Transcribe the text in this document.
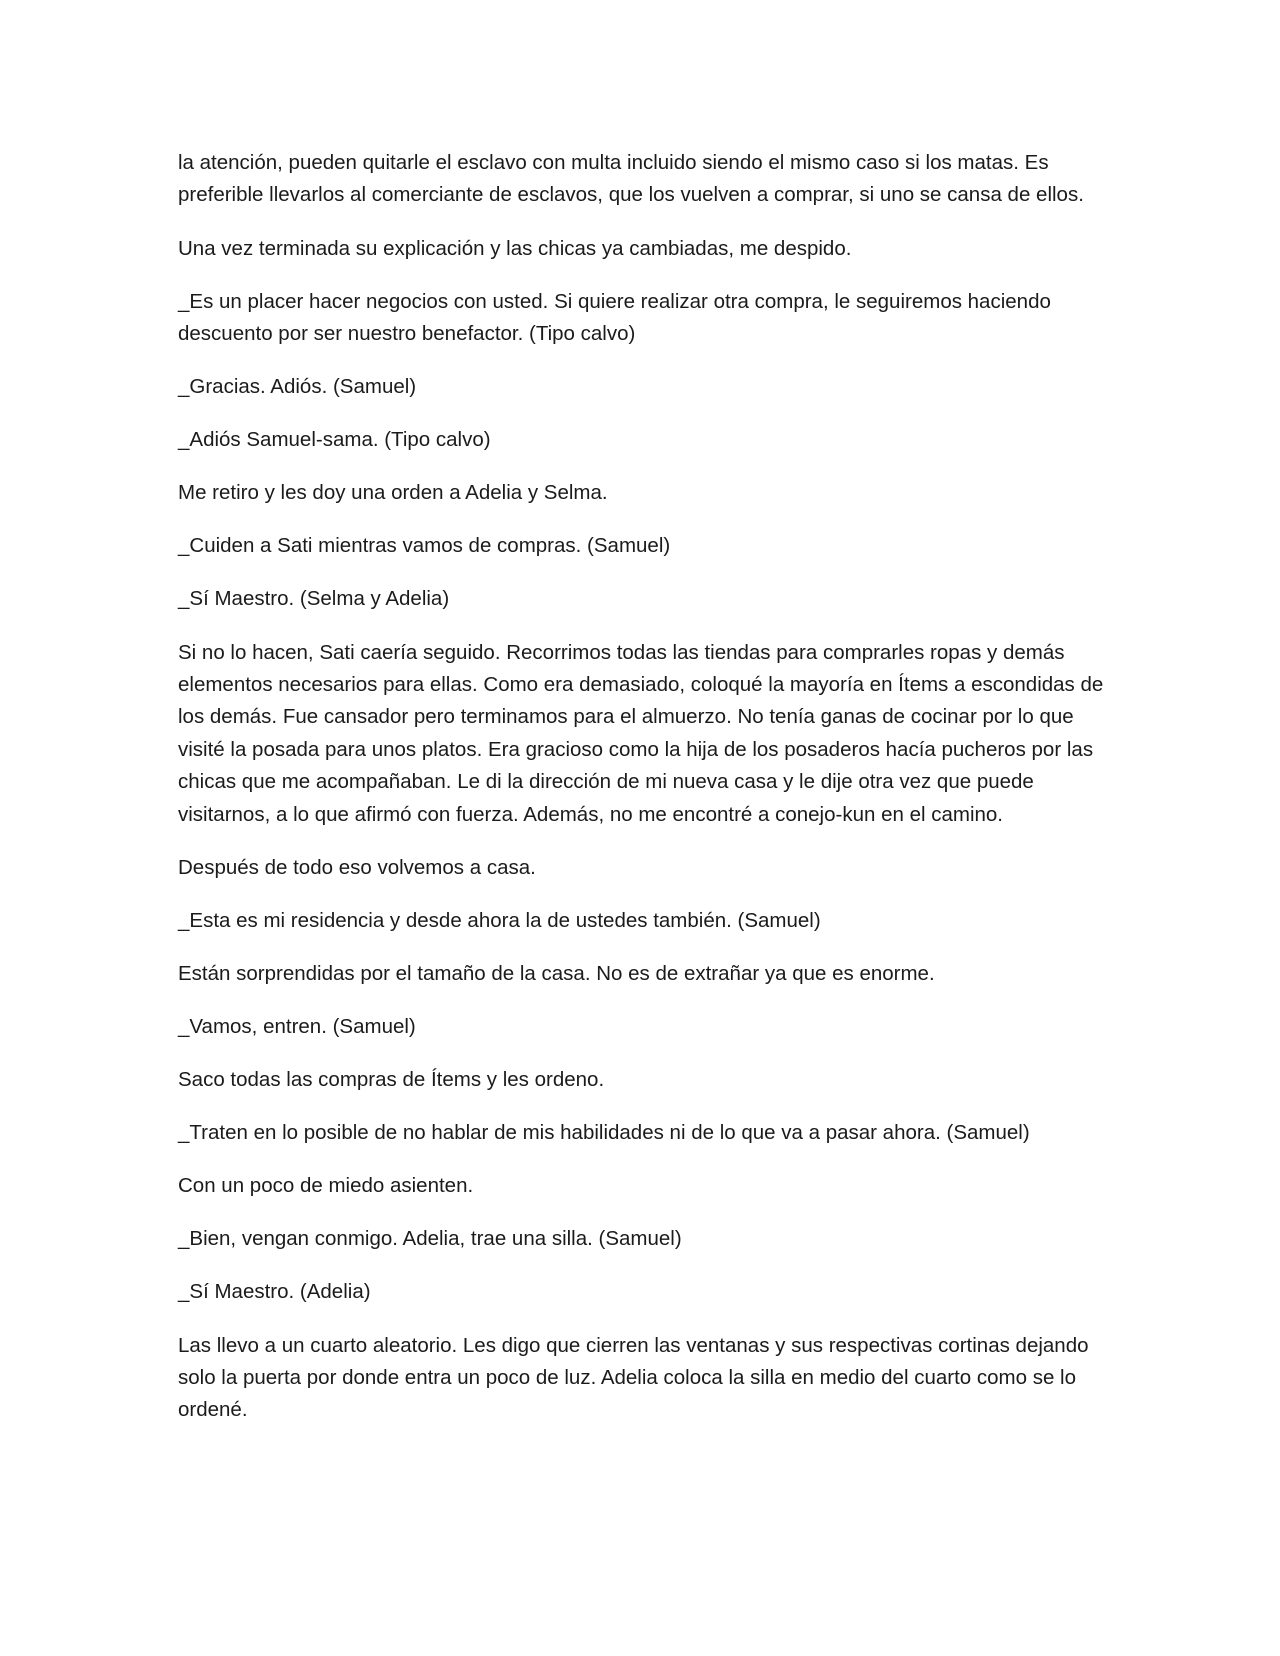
la atención, pueden quitarle el esclavo con multa incluido siendo el mismo caso si los matas. Es preferible llevarlos al comerciante de esclavos, que los vuelven a comprar, si uno se cansa de ellos.

Una vez terminada su explicación y las chicas ya cambiadas, me despido.

_Es un placer hacer negocios con usted. Si quiere realizar otra compra, le seguiremos haciendo descuento por ser nuestro benefactor. (Tipo calvo)

_Gracias. Adiós. (Samuel)

_Adiós Samuel-sama. (Tipo calvo)

Me retiro y les doy una orden a Adelia y Selma.

_Cuiden a Sati mientras vamos de compras. (Samuel)

_Sí Maestro. (Selma y Adelia)

Si no lo hacen, Sati caería seguido. Recorrimos todas las tiendas para comprarles ropas y demás elementos necesarios para ellas. Como era demasiado, coloqué la mayoría en Ítems a escondidas de los demás. Fue cansador pero terminamos para el almuerzo. No tenía ganas de cocinar por lo que visité la posada para unos platos. Era gracioso como la hija de los posaderos hacía pucheros por las chicas que me acompañaban. Le di la dirección de mi nueva casa y le dije otra vez que puede visitarnos, a lo que afirmó con fuerza. Además, no me encontré a conejo-kun en el camino.

Después de todo eso volvemos a casa.

_Esta es mi residencia y desde ahora la de ustedes también. (Samuel)

Están sorprendidas por el tamaño de la casa. No es de extrañar ya que es enorme.

_Vamos, entren. (Samuel)

Saco todas las compras de Ítems y les ordeno.

_Traten en lo posible de no hablar de mis habilidades ni de lo que va a pasar ahora. (Samuel)

Con un poco de miedo asienten.

_Bien, vengan conmigo. Adelia, trae una silla. (Samuel)

_Sí Maestro. (Adelia)

Las llevo a un cuarto aleatorio. Les digo que cierren las ventanas y sus respectivas cortinas dejando solo la puerta por donde entra un poco de luz. Adelia coloca la silla en medio del cuarto como se lo ordené.
